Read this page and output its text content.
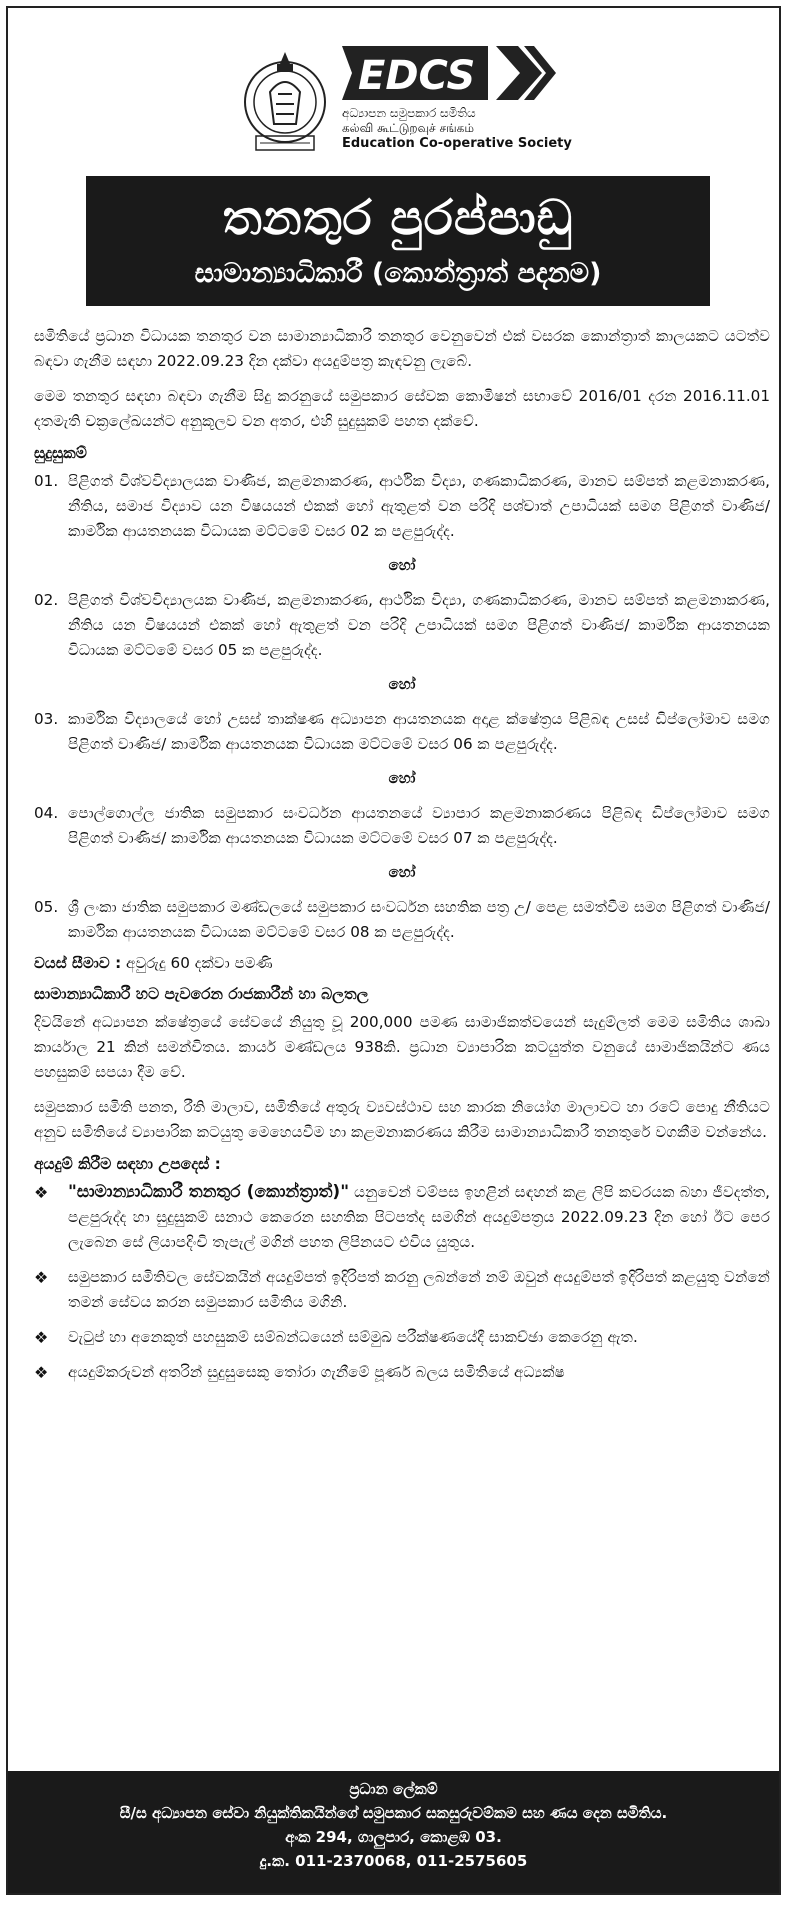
EDCS
අධ්‍යාපන සමුපකාර සමිතිය
கல்வி கூட்டுறவுச் சங்கம்
Education Co-operative Society
තනතුර පුරප්පාඩු
සාමාන්‍යාධිකාරී (කොන්ත්‍රාත් පදනම)

සමිතියේ ප්‍රධාන විධායක තනතුර වන සාමාන්‍යාධිකාරී තනතුර වෙනුවෙන් එක් වසරක කොන්ත්‍රාත් කාලයකට යටත්ව බඳවා ගැනීම සඳහා 2022.09.23 දින දක්වා අයදුම්පත්‍ර කැඳවනු ලැබේ.

මෙම තනතුර සඳහා බඳවා ගැනීම සිදු කරනුයේ සමුපකාර සේවක කොමිෂන් සභාවේ 2016/01 දරන 2016.11.01 දතමැති චක්‍රලේඛයන්ට අනුකූලව වන අතර, එහි සුදුසුකම් පහත දක්වේ.

සුදුසුකම්
01. පිළිගත් විශ්වවිද්‍යාලයක වාණිජ, කළමනාකරණ, ආර්ථික විද්‍යා, ගණකාධිකරණ, මානව සම්පත් කළමනාකරණ, නීතිය, සමාජ විද්‍යාව යන විෂයයන් එකක් හෝ ඇතුළත් වන පරිදි පශ්චාත් උපාධියක් සමග පිළිගත් වාණිජ/ කාර්මික ආයතනයක විධායක මට්ටමේ වසර 02 ක පළපුරුද්ද.
හෝ
02. පිළිගත් විශ්වවිද්‍යාලයක වාණිජ, කළමනාකරණ, ආර්ථික විද්‍යා, ගණකාධිකරණ, මානව සම්පත් කළමනාකරණ, නීතිය යන විෂයයන් එකක් හෝ ඇතුළත් වන පරිදි උපාධියක් සමග පිළිගත් වාණිජ/ කාර්මික ආයතනයක විධායක මට්ටමේ වසර 05 ක පළපුරුද්ද.
හෝ
03. කාර්මික විද්‍යාලයේ හෝ උසස් තාක්ෂණ අධ්‍යාපන ආයතනයක අදාළ ක්ෂේත්‍රය පිළිබඳ උසස් ඩිප්ලෝමාව සමග පිළිගත් වාණිජ/ කාර්මික ආයතනයක විධායක මට්ටමේ වසර 06 ක පළපුරුද්ද.
හෝ
04. පොල්ගොල්ල ජාතික සමුපකාර සංවර්ධන ආයතනයේ ව්‍යාපාර කළමනාකරණය පිළිබඳ ඩිප්ලෝමාව සමග පිළිගත් වාණිජ/ කාර්මික ආයතනයක විධායක මට්ටමේ වසර 07 ක පළපුරුද්ද.
හෝ
05. ශ්‍රී ලංකා ජාතික සමුපකාර මණ්ඩලයේ සමුපකාර සංවර්ධන සහතික පත්‍ර උ/ පෙළ සමත්වීම සමග පිළිගත් වාණිජ/ කාර්මික ආයතනයක විධායක මට්ටමේ වසර 08 ක පළපුරුද්ද.
වයස් සීමාව : අවුරුදු 60 දක්වා පමණි
සාමාන්‍යාධිකාරී හට පැවරෙන රාජකාරීන් හා බලතල

දිවයිනේ අධ්‍යාපන ක්ෂේත්‍රයේ සේවයේ නියුතු වූ 200,000 පමණ සාමාජිකත්වයෙන් සැදුම්ලත් මෙම සමිතිය ශාඛා කාර්යාල 21 කින් සමන්විතය. කාර්ය මණ්ඩලය 938කි. ප්‍රධාන ව්‍යාපාරික කටයුත්ත වනුයේ සාමාජිකයින්ට ණය පහසුකම් සපයා දීම වේ.

සමුපකාර සමිති පනත, රීති මාලාව, සමිතියේ අතුරු ව්‍යවස්ථාව සහ කාරක නියෝග මාලාවට හා රටේ පොදු නීතියට අනුව සමිතියේ ව්‍යාපාරික කටයුතු මෙහෙයවීම හා කළමනාකරණය කිරීම සාමාන්‍යාධිකාරී තනතුරේ වගකීම වන්නේය.

අයදුම් කිරීම සඳහා උපදෙස් :
❖	"සාමාන්‍යාධිකාරී තනතුර (කොන්ත්‍රාත්)" යනුවෙන් වම්පස ඉහළින් සඳහන් කළ ලිපි කවරයක බහා ජීවදත්ත, පළපුරුද්ද හා සුදුසුකම් සනාථ කෙරෙන සහතික පිටපත්ද සමගින් අයදුම්පත්‍රය 2022.09.23 දින හෝ ඊට පෙර ලැබෙන සේ ලියාපදිංචි තැපැල් මගින් පහත ලිපිනයට එවිය යුතුය.
❖	සමුපකාර සමිතිවල සේවකයින් අයදුම්පත් ඉදිරිපත් කරනු ලබන්නේ නම් ඔවුන් අයදුම්පත් ඉදිරිපත් කළයුතු වන්නේ තමන් සේවය කරන සමුපකාර සමිතිය මගිනි.
❖	වැටුප් හා අනෙකුත් පහසුකම් සම්බන්ධයෙන් සම්මුඛ පරීක්ෂණයේදී සාකච්ඡා කෙරෙනු ඇත.
❖	අයදුම්කරුවන් අතරින් සුදුසුසෙකු තෝරා ගැනීමේ පූර්ණ බලය සමිතියේ අධ්‍යක්ෂ
ප්‍රධාන ලේකම්
සී/ස අධ්‍යාපන සේවා නියුක්තිකයින්ගේ සමුපකාර සකසුරුවම්කම සහ ණය දෙන සමිතිය.
අංක 294, ගාලුපාර, කොළඹ 03.
දු.ක. 011-2370068, 011-2575605
